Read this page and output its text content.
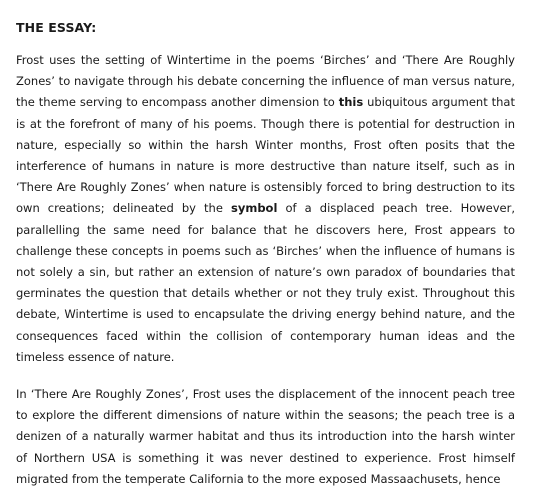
THE ESSAY:

Frost uses the setting of Wintertime in the poems ‘Birches’ and ‘There Are Roughly Zones’ to navigate through his debate concerning the influence of man versus nature, the theme serving to encompass another dimension to this ubiquitous argument that is at the forefront of many of his poems. Though there is potential for destruction in nature, especially so within the harsh Winter months, Frost often posits that the interference of humans in nature is more destructive than nature itself, such as in ‘There Are Roughly Zones’ when nature is ostensibly forced to bring destruction to its own creations; delineated by the symbol of a displaced peach tree. However, parallelling the same need for balance that he discovers here, Frost appears to challenge these concepts in poems such as ‘Birches’ when the influence of humans is not solely a sin, but rather an extension of nature’s own paradox of boundaries that germinates the question that details whether or not they truly exist. Throughout this debate, Wintertime is used to encapsulate the driving energy behind nature, and the consequences faced within the collision of contemporary human ideas and the timeless essence of nature.

In ‘There Are Roughly Zones’, Frost uses the displacement of the innocent peach tree to explore the different dimensions of nature within the seasons; the peach tree is a denizen of a naturally warmer habitat and thus its introduction into the harsh winter of Northern USA is something it was never destined to experience. Frost himself migrated from the temperate California to the more exposed Massaachusets, hence
